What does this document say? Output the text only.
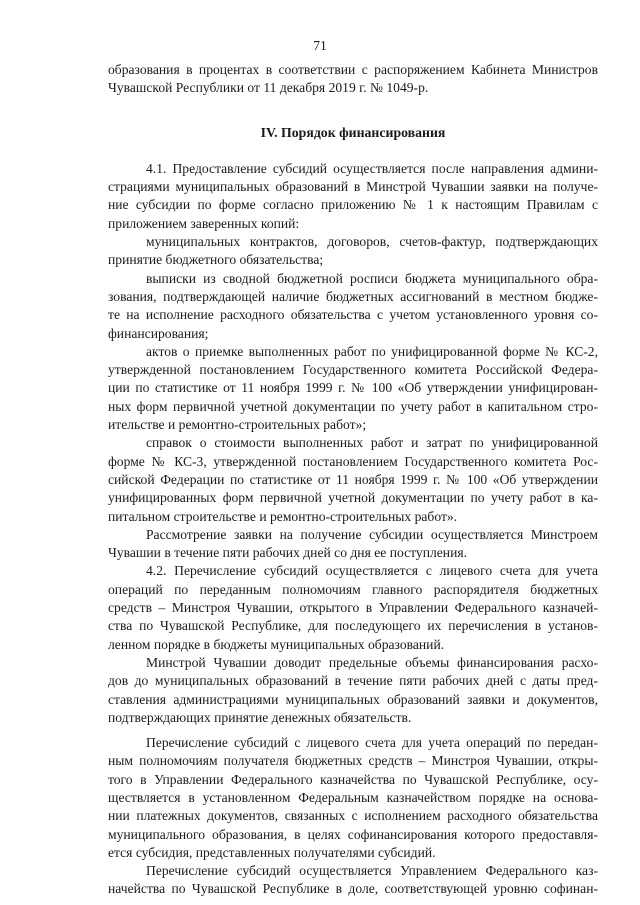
71
образования в процентах в соответствии с распоряжением Кабинета Министров
Чувашской Республики от 11 декабря 2019 г. № 1049-р.
IV. Порядок финансирования
4.1. Предоставление субсидий осуществляется после направления админи-
страциями муниципальных образований в Минстрой Чувашии заявки на получе-
ние субсидии по форме согласно приложению № 1 к настоящим Правилам с
приложением заверенных копий:
муниципальных контрактов, договоров, счетов-фактур, подтверждающих
принятие бюджетного обязательства;
выписки из сводной бюджетной росписи бюджета муниципального обра-
зования, подтверждающей наличие бюджетных ассигнований в местном бюдже-
те на исполнение расходного обязательства с учетом установленного уровня со-
финансирования;
актов о приемке выполненных работ по унифицированной форме № КС-2,
утвержденной постановлением Государственного комитета Российской Федера-
ции по статистике от 11 ноября 1999 г. № 100 «Об утверждении унифицирован-
ных форм первичной учетной документации по учету работ в капитальном стро-
ительстве и ремонтно-строительных работ»;
справок о стоимости выполненных работ и затрат по унифицированной
форме № КС-3, утвержденной постановлением Государственного комитета Рос-
сийской Федерации по статистике от 11 ноября 1999 г. № 100 «Об утверждении
унифицированных форм первичной учетной документации по учету работ в ка-
питальном строительстве и ремонтно-строительных работ».
Рассмотрение заявки на получение субсидии осуществляется Минстроем
Чувашии в течение пяти рабочих дней со дня ее поступления.
4.2. Перечисление субсидий осуществляется с лицевого счета для учета
операций по переданным полномочиям главного распорядителя бюджетных
средств – Минстроя Чувашии, открытого в Управлении Федерального казначей-
ства по Чувашской Республике, для последующего их перечисления в установ-
ленном порядке в бюджеты муниципальных образований.
Минстрой Чувашии доводит предельные объемы финансирования расхо-
дов до муниципальных образований в течение пяти рабочих дней с даты пред-
ставления администрациями муниципальных образований заявки и документов,
подтверждающих принятие денежных обязательств.
Перечисление субсидий с лицевого счета для учета операций по передан-
ным полномочиям получателя бюджетных средств – Минстроя Чувашии, откры-
того в Управлении Федерального казначейства по Чувашской Республике, осу-
ществляется в установленном Федеральным казначейством порядке на основа-
нии платежных документов, связанных с исполнением расходного обязательства
муниципального образования, в целях софинансирования которого предоставля-
ется субсидия, представленных получателями субсидий.
Перечисление субсидий осуществляется Управлением Федерального каз-
начейства по Чувашской Республике в доле, соответствующей уровню софинан-
